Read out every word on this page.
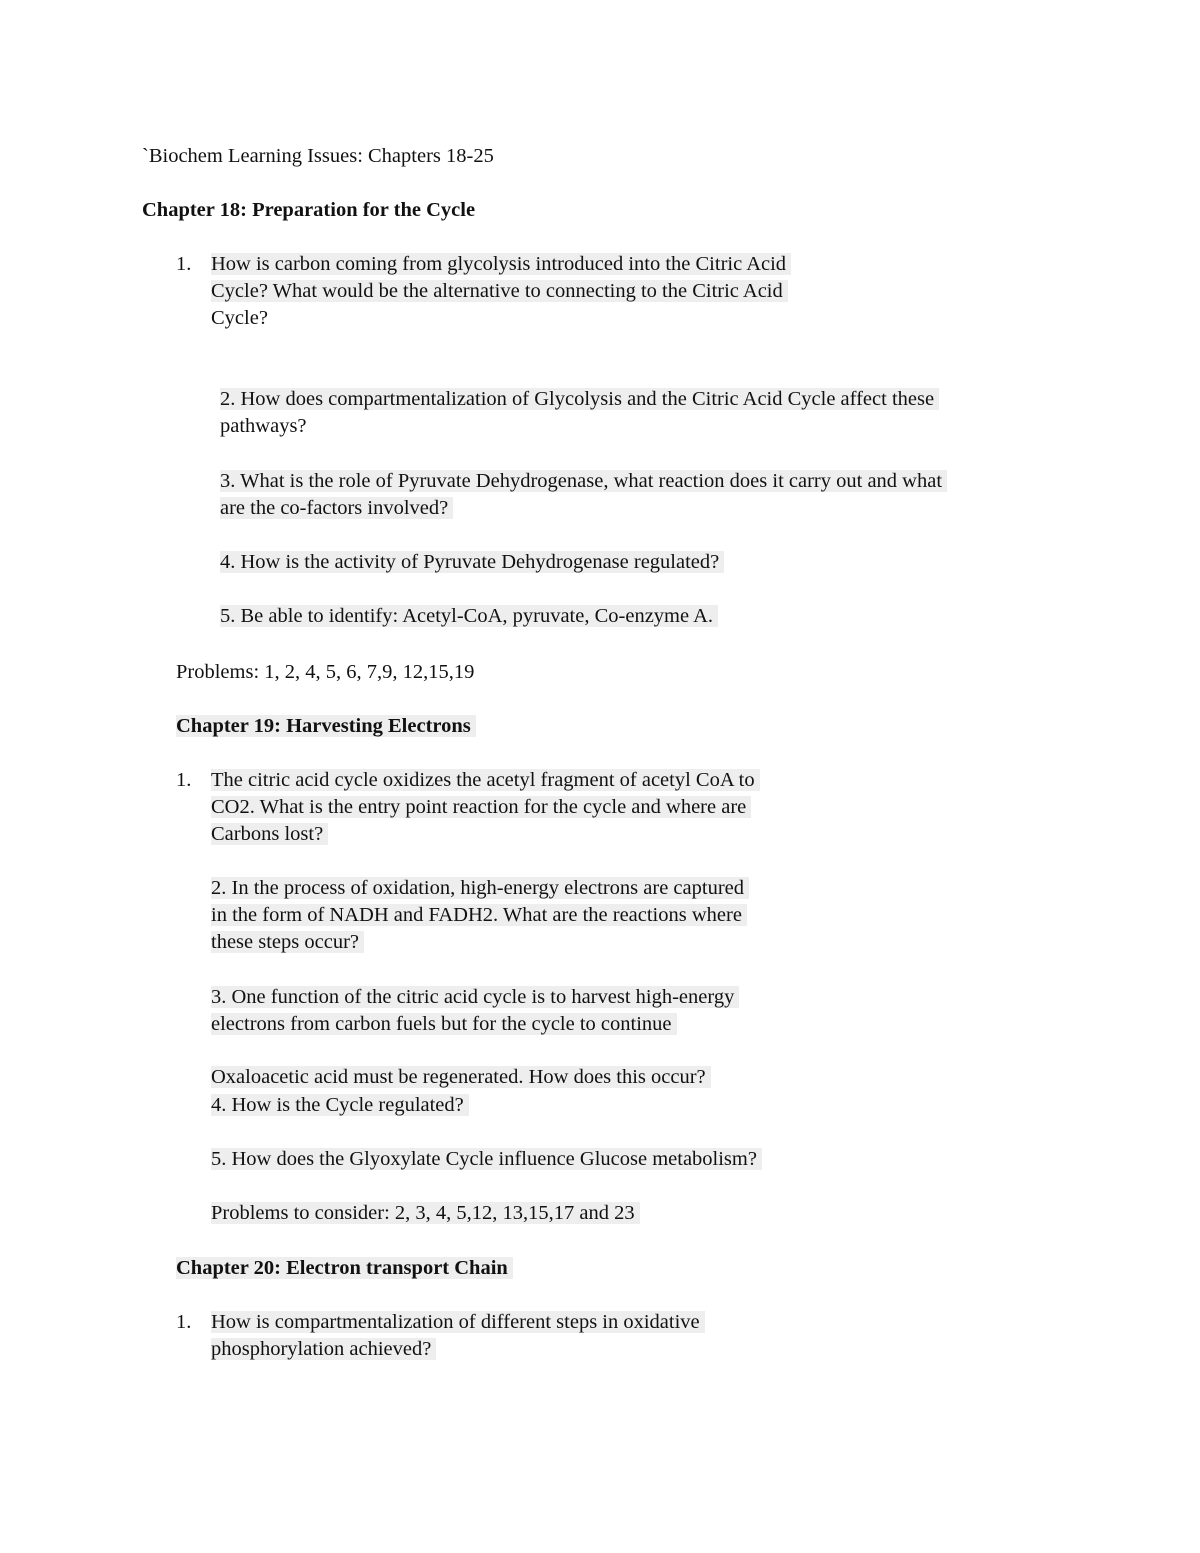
`Biochem Learning Issues: Chapters 18-25
Chapter 18: Preparation for the Cycle
1. How is carbon coming from glycolysis introduced into the Citric Acid
Cycle? What would be the alternative to connecting to the Citric Acid
Cycle?
2. How does compartmentalization of Glycolysis and the Citric Acid Cycle affect these
pathways?
3. What is the role of Pyruvate Dehydrogenase, what reaction does it carry out and what
are the co-factors involved?
4. How is the activity of Pyruvate Dehydrogenase regulated?
5. Be able to identify: Acetyl-CoA, pyruvate, Co-enzyme A.
Problems: 1, 2, 4, 5, 6, 7,9, 12,15,19
Chapter 19: Harvesting Electrons
1. The citric acid cycle oxidizes the acetyl fragment of acetyl CoA to
CO2. What is the entry point reaction for the cycle and where are
Carbons lost?
2. In the process of oxidation, high-energy electrons are captured
in the form of NADH and FADH2. What are the reactions where
these steps occur?
3. One function of the citric acid cycle is to harvest high-energy
electrons from carbon fuels but for the cycle to continue
Oxaloacetic acid must be regenerated. How does this occur?
4. How is the Cycle regulated?
5. How does the Glyoxylate Cycle influence Glucose metabolism?
Problems to consider: 2, 3, 4, 5,12, 13,15,17 and 23
Chapter 20: Electron transport Chain
1. How is compartmentalization of different steps in oxidative
phosphorylation achieved?
